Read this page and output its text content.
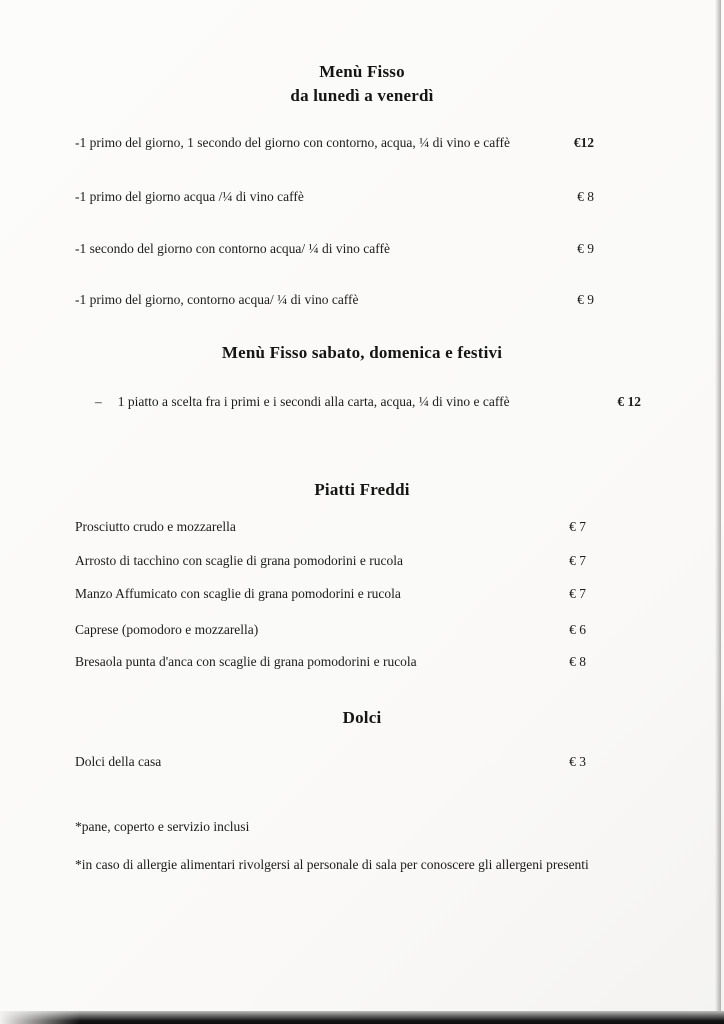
Menù Fisso
da lunedì a venerdì
-1 primo del giorno, 1 secondo del giorno con contorno, acqua, ¼ di vino e caffè	€12
-1 primo del giorno acqua /¼ di vino caffè	€ 8
-1 secondo del giorno con contorno acqua/ ¼ di vino caffè	€ 9
-1 primo del giorno, contorno acqua/ ¼ di vino caffè	€ 9
Menù Fisso sabato, domenica e festivi
–	1 piatto a scelta fra i primi e i secondi alla carta, acqua, ¼ di vino e caffè	€ 12
Piatti Freddi
Prosciutto crudo e mozzarella	€ 7
Arrosto di tacchino con scaglie di grana pomodorini e rucola	€ 7
Manzo Affumicato con scaglie di grana pomodorini e rucola	€ 7
Caprese (pomodoro e mozzarella)	€ 6
Bresaola punta d'anca con scaglie di grana pomodorini e rucola	€ 8
Dolci
Dolci della casa	€ 3
*pane, coperto e servizio inclusi
*in caso di allergie alimentari rivolgersi al personale di sala per conoscere gli allergeni presenti
